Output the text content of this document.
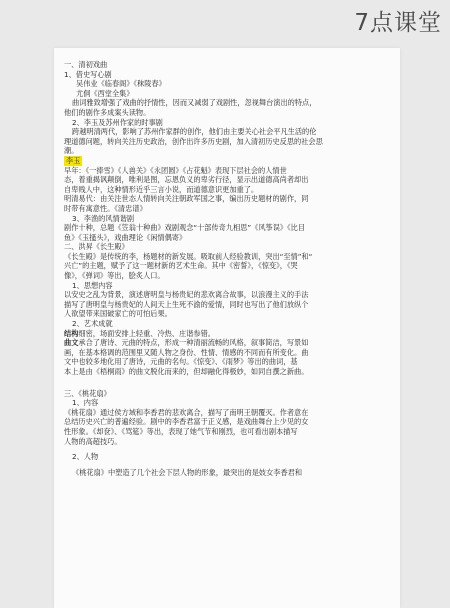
7点课堂
一、清初戏曲
1、借史写心剧
吴伟业《临春阁》《秣陵春》
尤侗《西堂全集》
曲词雅致增强了戏曲的抒情性，因而又减弱了戏剧性，忽视舞台演出的特点，
他们的剧作多成案头读物。
2、李玉及苏州作家的时事剧
跨越明清两代，影响了苏州作家群的创作，他们由主要关心社会平凡生活的伦
理道德问题，转向关注历史政治，创作出许多历史剧，加入清初历史反思的社会思
潮。
李玉
早年：《一捧雪》《人兽关》《永团圆》《占花魁》表现下层社会的人情世
态，着重揭讽颠倒，唯利是图，忘恩负义的卑劣行径，显示出道德高尚者却出
自卑贱人中，这种情形近乎三言小说，而道德意识更加重了。
明清易代：由关注世态人情转向关注朝政军国之事，编出历史题材的剧作，同
时带有寓意性。《清忠谱》
3、李渔的风情谐剧
剧作十种，总题《笠翁十种曲》戏剧观念“十部传奇九相思”《风筝误》《比目
鱼》《玉搔头》，戏曲理论《闲情偶寄》
二、洪昇《长生殿》
《长生殿》是传统的李，杨题材的新发展。吸取前人经验教训，突出“至情”和“
兴亡”的主题，赋予了这一题材新的艺术生命。其中《密誓》，《惊变》，《哭
像》，《弹词》等出，脍炙人口。
1、思想内容
以安史之乱为背景，演述唐明皇与杨贵妃的悲欢离合故事，以浪漫主义的手法
描写了唐明皇与杨贵妃的人间天上生死不渝的爱情，同时也写出了他们放纵个
人欲望带来国破家亡的可怕后果。
2、艺术成就
结构细密，场面安排上轻重、冷热、庄谐参错。
曲文承合了唐诗、元曲的特点，形成一种清丽流畅的风格，叙事简洁，写景如
画，在基本格调的范围里又随人物之身份、性情、情感的不同而有所变化。曲
文中也较多地化用了唐诗，元曲的名句。《惊变》、《雨梦》等出的曲词，基
本上是由《梧桐雨》的曲文脱化而来的，但却融化得极妙，如同自撰之新曲。
三、《桃花扇》
1、内容
《桃花扇》通过侯方域和李香君的悲欢离合，描写了南明王朝覆灭。作者意在
总结历史兴亡的普遍经验。剧中的李香君富于正义感，是戏曲舞台上少见的女
性形象。《却奁》、《骂筵》等出，表现了她气节和刚烈，也可看出剧本描写
人物的高超技巧。
2、人物
《桃花扇》中塑造了几个社会下层人物的形象，最突出的是妓女李香君和
